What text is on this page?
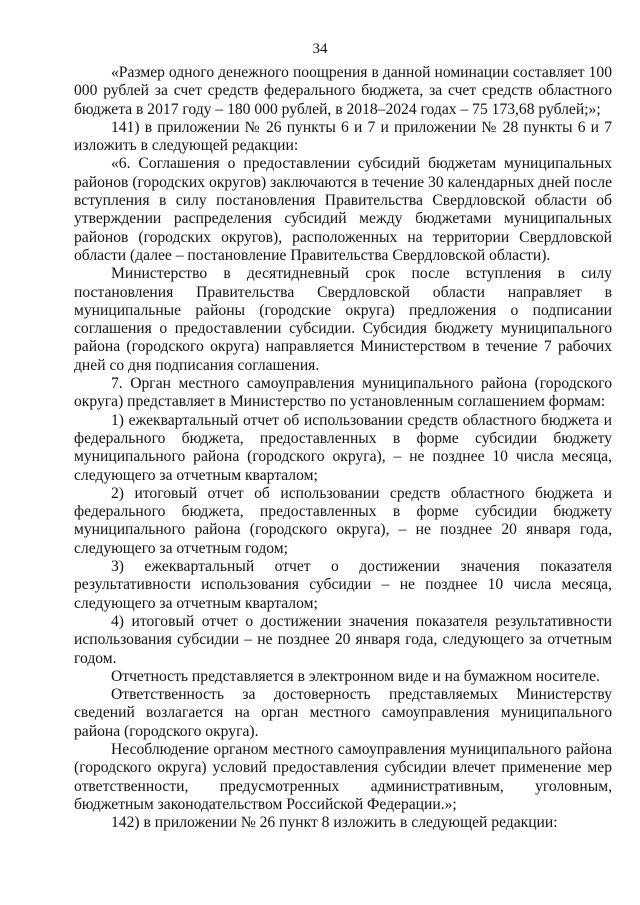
34

«Размер одного денежного поощрения в данной номинации составляет 100 000 рублей за счет средств федерального бюджета, за счет средств областного бюджета в 2017 году – 180 000 рублей, в 2018–2024 годах – 75 173,68 рублей;»;

141) в приложении № 26 пункты 6 и 7 и приложении № 28 пункты 6 и 7 изложить в следующей редакции:

«6. Соглашения о предоставлении субсидий бюджетам муниципальных районов (городских округов) заключаются в течение 30 календарных дней после вступления в силу постановления Правительства Свердловской области об утверждении распределения субсидий между бюджетами муниципальных районов (городских округов), расположенных на территории Свердловской области (далее – постановление Правительства Свердловской области).

Министерство в десятидневный срок после вступления в силу постановления Правительства Свердловской области направляет в муниципальные районы (городские округа) предложения о подписании соглашения о предоставлении субсидии. Субсидия бюджету муниципального района (городского округа) направляется Министерством в течение 7 рабочих дней со дня подписания соглашения.

7. Орган местного самоуправления муниципального района (городского округа) представляет в Министерство по установленным соглашением формам:

1) ежеквартальный отчет об использовании средств областного бюджета и федерального бюджета, предоставленных в форме субсидии бюджету муниципального района (городского округа), – не позднее 10 числа месяца, следующего за отчетным кварталом;

2) итоговый отчет об использовании средств областного бюджета и федерального бюджета, предоставленных в форме субсидии бюджету муниципального района (городского округа), – не позднее 20 января года, следующего за отчетным годом;

3) ежеквартальный отчет о достижении значения показателя результативности использования субсидии – не позднее 10 числа месяца, следующего за отчетным кварталом;

4) итоговый отчет о достижении значения показателя результативности использования субсидии – не позднее 20 января года, следующего за отчетным годом.

Отчетность представляется в электронном виде и на бумажном носителе.

Ответственность за достоверность представляемых Министерству сведений возлагается на орган местного самоуправления муниципального района (городского округа).

Несоблюдение органом местного самоуправления муниципального района (городского округа) условий предоставления субсидии влечет применение мер ответственности, предусмотренных административным, уголовным, бюджетным законодательством Российской Федерации.»;

142) в приложении № 26 пункт 8 изложить в следующей редакции:
